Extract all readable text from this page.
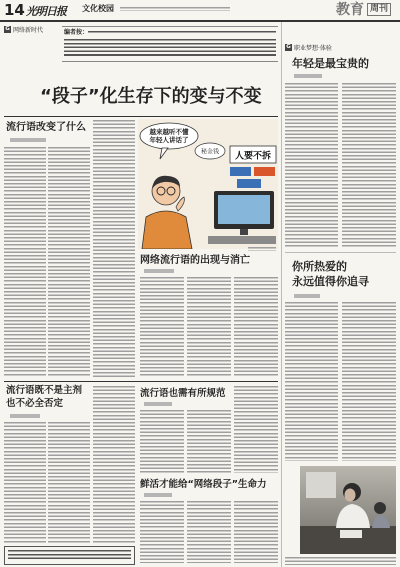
14 光明日报 文化校园	教育 周刊
G 网络新时代	编者按：
“段子”化生存下的变与不变
流行语改变了什么	越来越听不懂
年轻人讲话了
秘金钱 人要不拆
网络流行语的出现与消亡
流行语既不是主剂
也不必全否定
流行语也需有所规范
鲜活才能给“网络段子”生命力
G 职业梦想·体验
年轻是最宝贵的
你所热爱的
永远值得你追寻
